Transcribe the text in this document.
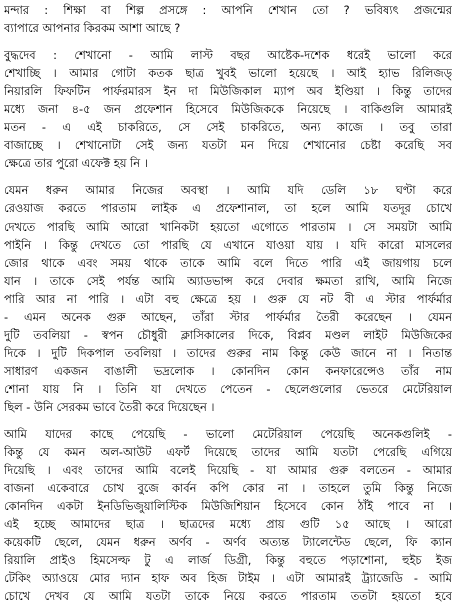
মন্দার : শিক্ষা বা শিল্প প্রসঙ্গে : আপনি শেখান তো ? ভবিষ্যৎ প্রজন্মের
ব্যাপারে আপনার কিরকম আশা আছে ?
বুদ্ধদেব : শেখানো - আমি লাস্ট বছর আষ্টেক-দশেক ধরেই ভালো করে
শেখাচ্ছি । আমার গোটা কতক ছাত্র খুবই ভালো হয়েছে । আই হ্যাভ রিলিজড্
নিয়ারলি ফিফটিন পার্ফরমারস ইন দা মিউজিকাল ম্যাপ অব ইণ্ডিয়া । কিন্তু তাদের
মধ্যে জনা ৪-৫ জন প্রফেশান হিসেবে মিউজিককে নিয়েছে । বাকিগুলি আমারই
মতন - এ এই চাকরিতে, সে সেই চাকরিতে, অন্য কাজে । তবু তারা
বাজাচ্ছে । শেখানোটা সেই জন্য যতটা মন দিয়ে শেখানোর চেষ্টা করেছি সব
ক্ষেত্রে তার পুরো এফেক্ট হয় নি ।
যেমন ধরুন আমার নিজের অবস্থা । আমি যদি ডেলি ১৮ ঘণ্টা করে
রেওয়াজ করতে পারতাম লাইক এ প্রফেশানাল, তা হলে আমি যতদূর চোখে
দেখতে পারছি আমি আরো খানিকটা হয়তো এগোতে পারতাম । সে সময়টা আমি
পাইনি । কিন্তু দেখতে তো পারছি যে এখানে যাওয়া যায় । যদি কারো মাসলের
জোর থাকে এবং সময় থাকে তাকে আমি বলে দিতে পারি এই জায়গায় চলে
যান । তাকে সেই পর্যন্ত আমি অ্যাডভান্স করে দেবার ক্ষমতা রাখি, আমি নিজে
পারি আর না পারি । এটা বহু ক্ষেত্রে হয় । গুরু যে নট বী এ স্টার পার্ফর্মার
- এমন অনেক গুরু আছেন, তাঁরা স্টার পার্ফর্মার তৈরী করেছেন । যেমন
দুটি তবলিয়া - স্বপন চৌধুরী ক্লাসিকালের দিকে, বিপ্লব মণ্ডল লাইট মিউজিকের
দিকে । দুটি দিকপাল তবলিয়া । তাদের গুরুর নাম কিন্তু কেউ জানে না । নিতান্ত
সাধারণ একজন বাঙালী ভদ্রলোক । কোনদিন কোন কনফারেন্সেও তাঁর নাম
শোনা যায় নি । তিনি যা দেখতে পেতেন - ছেলেগুলোর ভেতরে মেটেরিয়াল
ছিল - উনি সেরকম ভাবে তৈরী করে দিয়েছেন ।
আমি যাদের কাছে পেয়েছি - ভালো মেটেরিয়াল পেয়েছি অনেকগুলিই -
কিন্তু যে কমন অল-আউট এফর্ট দিয়েছে তাদের আমি যতটা পেরেছি এগিয়ে
দিয়েছি । এবং তাদের আমি বলেই দিয়েছি - যা আমার গুরু বলতেন - আমার
বাজনা একেবারে চোখ বুজে কার্বন কপি কোর না । তাহলে তুমি কিন্তু নিজে
কোনদিন একটা ইনডিভিজুয়ালিস্টিক মিউজিশিয়ান হিসেবে কোন ঠাঁই পাবে না ।
এই হচ্ছে আমাদের ছাত্র । ছাত্রদের মধ্যে প্রায় গুটি ১৫ আছে । আরো
কয়েকটি ছেলে, যেমন ধরুন অর্ণব - অর্ণব অত্যন্ত ট্যালেন্টেড ছেলে, ফি ক্যান
রিয়ালি প্রাইও হিমসেল্ফ টু এ লার্জ ডিগ্রী, কিন্তু বহুতে পড়াশোনা, হুইচ ইজ
টেকিং অ্যাওয়ে মোর দ্যান হাফ অব হিজ টাইম । এটা আমারই ট্র্যাজেডি - আমি
চোখে দেখব যে আমি যতটা তাকে নিয়ে করতে পারতাম ততটা হয়তো হবে
